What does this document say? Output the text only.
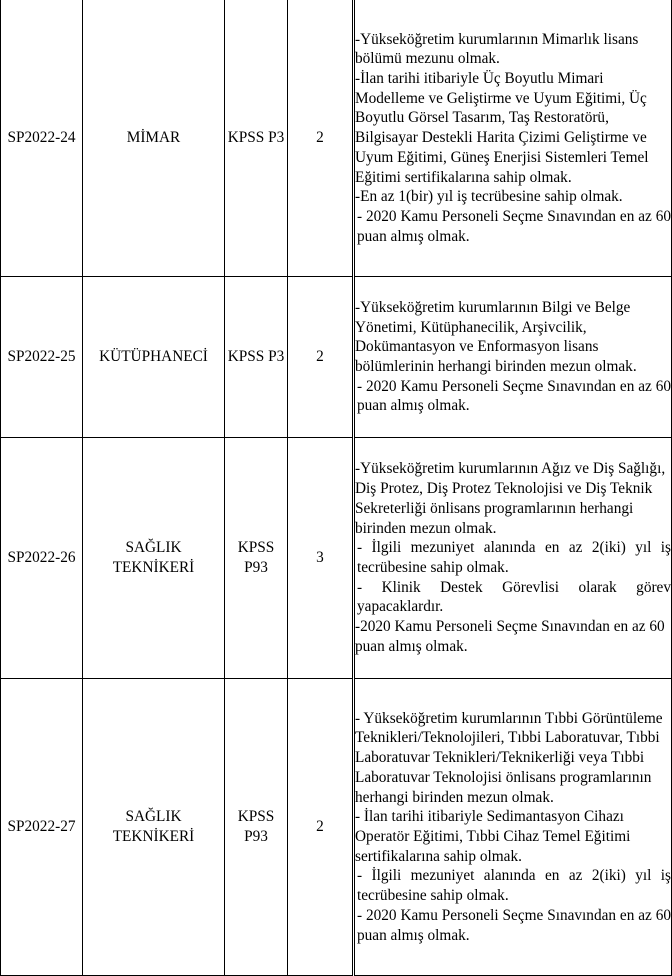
SP2022-24	MİMAR	KPSS P3	2	-Yükseköğretim kurumlarının Mimarlık lisans bölümü mezunu olmak.

-İlan tarihi itibariyle Üç Boyutlu Mimari Modelleme ve Geliştirme ve Uyum Eğitimi, Üç Boyutlu Görsel Tasarım, Taş Restoratörü, Bilgisayar Destekli Harita Çizimi Geliştirme ve Uyum Eğitimi, Güneş Enerjisi Sistemleri Temel Eğitimi sertifikalarına sahip olmak.

-En az 1(bir) yıl iş tecrübesine sahip olmak.

- 2020 Kamu Personeli Seçme Sınavından en az 60 puan almış olmak.

SP2022-25	KÜTÜPHANECİ	KPSS P3	2	-Yükseköğretim kurumlarının Bilgi ve Belge Yönetimi, Kütüphanecilik, Arşivcilik, Dokümantasyon ve Enformasyon lisans bölümlerinin herhangi birinden mezun olmak.

- 2020 Kamu Personeli Seçme Sınavından en az 60 puan almış olmak.

SP2022-26	SAĞLIK TEKNİKERİ	KPSS P93	3	-Yükseköğretim kurumlarının Ağız ve Diş Sağlığı, Diş Protez, Diş Protez Teknolojisi ve Diş Teknik Sekreterliği önlisans programlarının herhangi birinden mezun olmak.

- İlgili mezuniyet alanında en az 2(iki) yıl iş tecrübesine sahip olmak.

- Klinik Destek Görevlisi olarak görev yapacaklardır.

-2020 Kamu Personeli Seçme Sınavından en az 60 puan almış olmak.

SP2022-27	SAĞLIK TEKNİKERİ	KPSS P93	2	- Yükseköğretim kurumlarının Tıbbi Görüntüleme Teknikleri/Teknolojileri, Tıbbi Laboratuvar, Tıbbi Laboratuvar Teknikleri/Teknikerliği veya Tıbbi Laboratuvar Teknolojisi önlisans programlarının herhangi birinden mezun olmak.

- İlan tarihi itibariyle Sedimantasyon Cihazı Operatör Eğitimi, Tıbbi Cihaz Temel Eğitimi sertifikalarına sahip olmak.

- İlgili mezuniyet alanında en az 2(iki) yıl iş tecrübesine sahip olmak.

- 2020 Kamu Personeli Seçme Sınavından en az 60 puan almış olmak.
